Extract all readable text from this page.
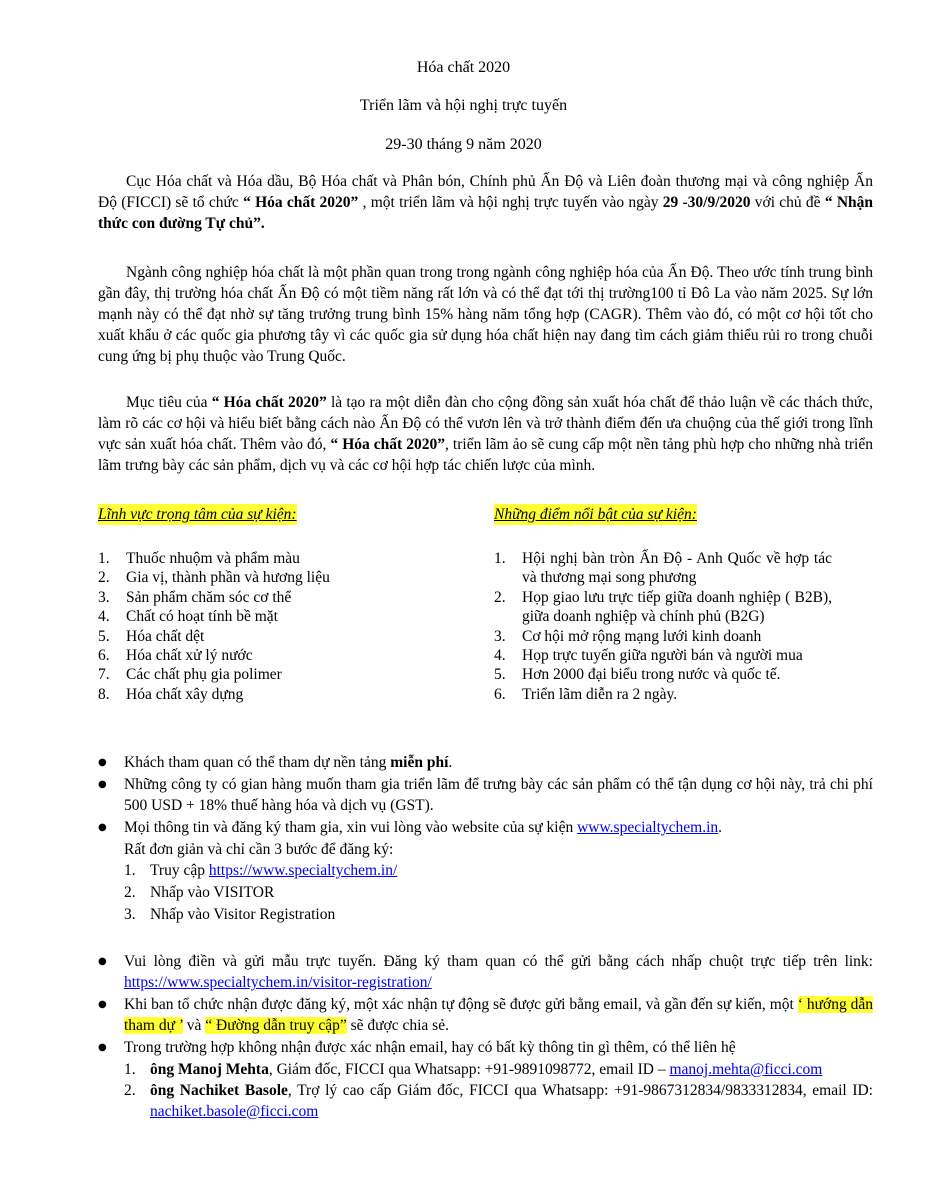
Hóa chất 2020
Triển lãm và hội nghị trực tuyến
29-30 tháng 9 năm 2020

Cục Hóa chất và Hóa dầu, Bộ Hóa chất và Phân bón, Chính phủ Ấn Độ và Liên đoàn thương mại và công nghiệp Ấn Độ (FICCI) sẽ tổ chức “ Hóa chất 2020” , một triển lãm và hội nghị trực tuyến vào ngày 29 -30/9/2020 với chủ đề “ Nhận thức con đường Tự chủ”.

Ngành công nghiệp hóa chất là một phần quan trong trong ngành công nghiệp hóa của Ấn Độ. Theo ước tính trung bình gần đây, thị trường hóa chất Ấn Độ có một tiềm năng rất lớn và có thể đạt tới thị trường100 tỉ Đô La vào năm 2025. Sự lớn mạnh này có thể đạt nhờ sự tăng trưởng trung bình 15% hàng năm tổng hợp (CAGR). Thêm vào đó, có một cơ hội tốt cho xuất khẩu ở các quốc gia phương tây vì các quốc gia sử dụng hóa chất hiện nay đang tìm cách giảm thiểu rủi ro trong chuỗi cung ứng bị phụ thuộc vào Trung Quốc.

Mục tiêu của “ Hóa chất 2020” là tạo ra một diễn đàn cho cộng đồng sản xuất hóa chất để thảo luận về các thách thức, làm rõ các cơ hội và hiểu biết bằng cách nào Ấn Độ có thể vươn lên và trở thành điểm đến ưa chuộng của thế giới trong lĩnh vực sản xuất hóa chất. Thêm vào đó, “ Hóa chất 2020”, triển lãm ảo sẽ cung cấp một nền tảng phù hợp cho những nhà triển lãm trưng bày các sản phẩm, dịch vụ và các cơ hội hợp tác chiến lược của mình.

Lĩnh vực trọng tâm của sự kiện:
1. Thuốc nhuộm và phẩm màu
2. Gia vị, thành phần và hương liệu
3. Sản phẩm chăm sóc cơ thể
4. Chất có hoạt tính bề mặt
5. Hóa chất dệt
6. Hóa chất xử lý nước
7. Các chất phụ gia polimer
8. Hóa chất xây dựng
Những điểm nổi bật của sự kiện:
1. Hội nghị bàn tròn Ấn Độ - Anh Quốc về hợp tác và thương mại song phương
2. Họp giao lưu trực tiếp giữa doanh nghiệp ( B2B), giữa doanh nghiệp và chính phủ (B2G)
3. Cơ hội mở rộng mạng lưới kinh doanh
4. Họp trực tuyến giữa người bán và người mua
5. Hơn 2000 đại biểu trong nước và quốc tế.
6. Triển lãm diễn ra 2 ngày.
● Khách tham quan có thể tham dự nền tảng miễn phí.
● Những công ty có gian hàng muốn tham gia triển lãm để trưng bày các sản phẩm có thể tận dụng cơ hội này, trả chi phí 500 USD + 18% thuế hàng hóa và dịch vụ (GST).
● Mọi thông tin và đăng ký tham gia, xin vui lòng vào website của sự kiện www.specialtychem.in.
Rất đơn giản và chỉ cần 3 bước để đăng ký:
1. Truy cập https://www.specialtychem.in/
2. Nhấp vào VISITOR
3. Nhấp vào Visitor Registration
● Vui lòng điền và gửi mẫu trực tuyến. Đăng ký tham quan có thể gửi bằng cách nhấp chuột trực tiếp trên link: https://www.specialtychem.in/visitor-registration/
● Khi ban tổ chức nhận được đăng ký, một xác nhận tự động sẽ được gửi bằng email, và gần đến sự kiến, một ‘ hướng dẫn tham dự ’ và “ Đường dẫn truy cập” sẽ được chia sẻ.
● Trong trường hợp không nhận được xác nhận email, hay có bất kỳ thông tin gì thêm, có thể liên hệ
1. ông Manoj Mehta, Giám đốc, FICCI qua Whatsapp: +91-9891098772, email ID – manoj.mehta@ficci.com
2. ông Nachiket Basole, Trợ lý cao cấp Giám đốc, FICCI qua Whatsapp: +91-9867312834/9833312834, email ID: nachiket.basole@ficci.com
